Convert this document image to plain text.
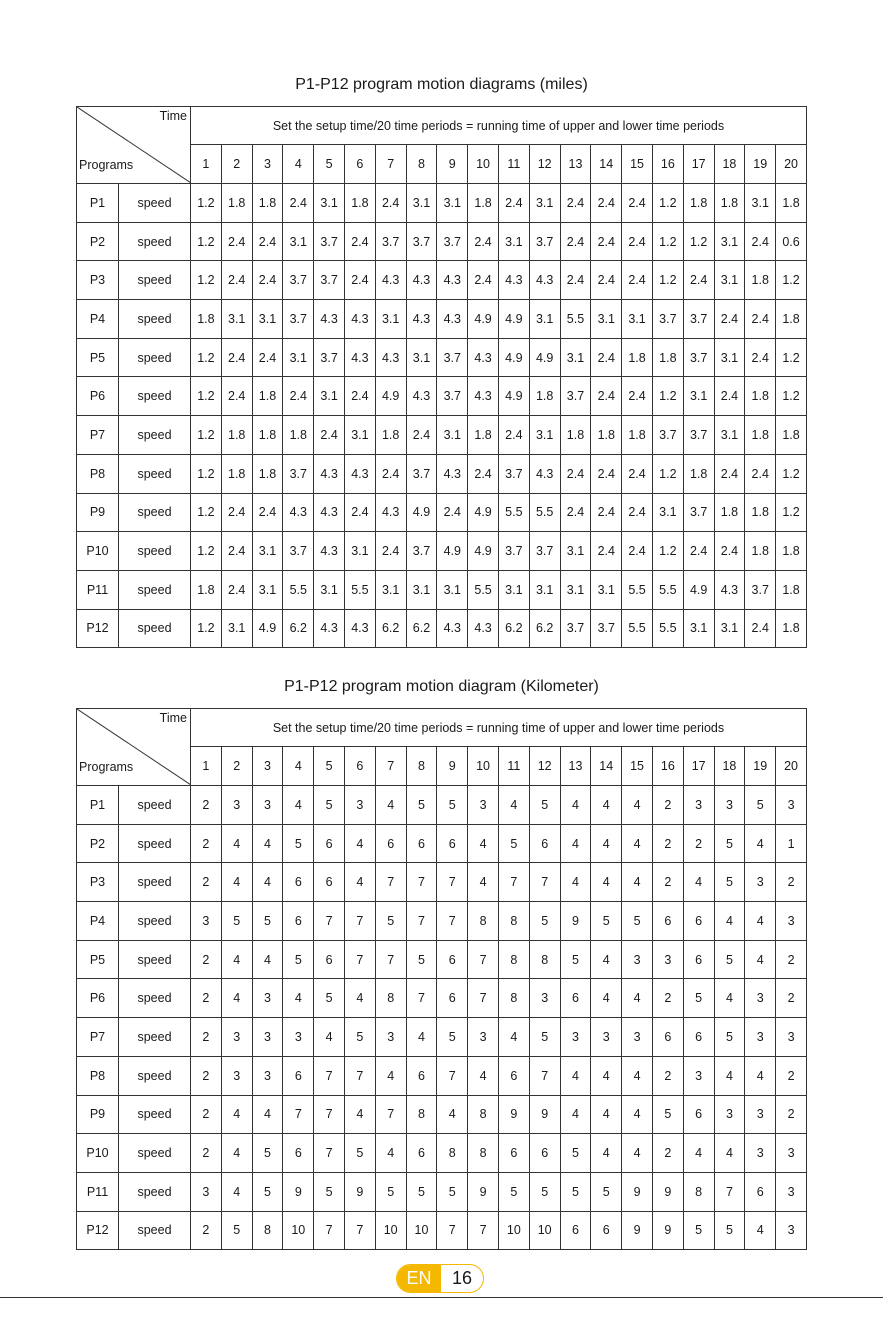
P1-P12 program motion diagrams (miles)
Time
Programs		Set the setup time/20 time periods = running time of upper and lower time periods																			
		1	2	3	4	5	6	7	8	9	10	11	12	13	14	15	16	17	18	19	20
P1	speed	1.2	1.8	1.8	2.4	3.1	1.8	2.4	3.1	3.1	1.8	2.4	3.1	2.4	2.4	2.4	1.2	1.8	1.8	3.1	1.8
P2	speed	1.2	2.4	2.4	3.1	3.7	2.4	3.7	3.7	3.7	2.4	3.1	3.7	2.4	2.4	2.4	1.2	1.2	3.1	2.4	0.6
P3	speed	1.2	2.4	2.4	3.7	3.7	2.4	4.3	4.3	4.3	2.4	4.3	4.3	2.4	2.4	2.4	1.2	2.4	3.1	1.8	1.2
P4	speed	1.8	3.1	3.1	3.7	4.3	4.3	3.1	4.3	4.3	4.9	4.9	3.1	5.5	3.1	3.1	3.7	3.7	2.4	2.4	1.8
P5	speed	1.2	2.4	2.4	3.1	3.7	4.3	4.3	3.1	3.7	4.3	4.9	4.9	3.1	2.4	1.8	1.8	3.7	3.1	2.4	1.2
P6	speed	1.2	2.4	1.8	2.4	3.1	2.4	4.9	4.3	3.7	4.3	4.9	1.8	3.7	2.4	2.4	1.2	3.1	2.4	1.8	1.2
P7	speed	1.2	1.8	1.8	1.8	2.4	3.1	1.8	2.4	3.1	1.8	2.4	3.1	1.8	1.8	1.8	3.7	3.7	3.1	1.8	1.8
P8	speed	1.2	1.8	1.8	3.7	4.3	4.3	2.4	3.7	4.3	2.4	3.7	4.3	2.4	2.4	2.4	1.2	1.8	2.4	2.4	1.2
P9	speed	1.2	2.4	2.4	4.3	4.3	2.4	4.3	4.9	2.4	4.9	5.5	5.5	2.4	2.4	2.4	3.1	3.7	1.8	1.8	1.2
P10	speed	1.2	2.4	3.1	3.7	4.3	3.1	2.4	3.7	4.9	4.9	3.7	3.7	3.1	2.4	2.4	1.2	2.4	2.4	1.8	1.8
P11	speed	1.8	2.4	3.1	5.5	3.1	5.5	3.1	3.1	3.1	5.5	3.1	3.1	3.1	3.1	5.5	5.5	4.9	4.3	3.7	1.8
P12	speed	1.2	3.1	4.9	6.2	4.3	4.3	6.2	6.2	4.3	4.3	6.2	6.2	3.7	3.7	5.5	5.5	3.1	3.1	2.4	1.8
P1-P12 program motion diagram (Kilometer)
Time
Programs		Set the setup time/20 time periods = running time of upper and lower time periods																			
		1	2	3	4	5	6	7	8	9	10	11	12	13	14	15	16	17	18	19	20
P1	speed	2	3	3	4	5	3	4	5	5	3	4	5	4	4	4	2	3	3	5	3
P2	speed	2	4	4	5	6	4	6	6	6	4	5	6	4	4	4	2	2	5	4	1
P3	speed	2	4	4	6	6	4	7	7	7	4	7	7	4	4	4	2	4	5	3	2
P4	speed	3	5	5	6	7	7	5	7	7	8	8	5	9	5	5	6	6	4	4	3
P5	speed	2	4	4	5	6	7	7	5	6	7	8	8	5	4	3	3	6	5	4	2
P6	speed	2	4	3	4	5	4	8	7	6	7	8	3	6	4	4	2	5	4	3	2
P7	speed	2	3	3	3	4	5	3	4	5	3	4	5	3	3	3	6	6	5	3	3
P8	speed	2	3	3	6	7	7	4	6	7	4	6	7	4	4	4	2	3	4	4	2
P9	speed	2	4	4	7	7	4	7	8	4	8	9	9	4	4	4	5	6	3	3	2
P10	speed	2	4	5	6	7	5	4	6	8	8	6	6	5	4	4	2	4	4	3	3
P11	speed	3	4	5	9	5	9	5	5	5	9	5	5	5	5	9	9	8	7	6	3
P12	speed	2	5	8	10	7	7	10	10	7	7	10	10	6	6	9	9	5	5	4	3
EN	16
